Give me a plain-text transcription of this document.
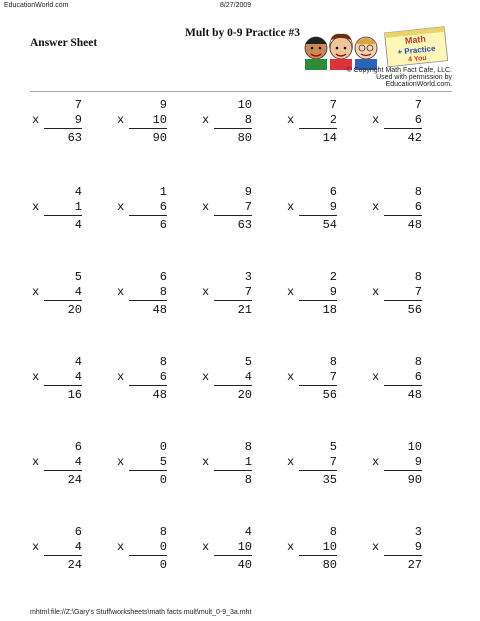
EducationWorld.com	8/27/2009
Mult by 0-9 Practice #3
Answer Sheet	Math
+ Practice
4 You
© Copyright Math Fact Cafe, LLC.
Used with permission by EducationWorld.com.
7
x	9
63
9
x 10
90
10
x	8
80
7
x	2
14
7
x	6
42
4
x	1
4
1
x	6
6
9
x	7
63
6
x	9
54
8
x	6
48
5
x	4
20
6
x	8
48
3
x	7
21
2
x	9
18
8
x	7
56
4
x	4
16
8
x	6
48
5
x	4
20
8
x	7
56
8
x	6
48
6
x	4
24
0
x	5
0
8
x	1
8
5
x	7
35
10
x	9
90
6
x	4
24
8
x	0
0
4
x 10
40
8
x 10
80
3
x	9
27
mhtml:file://Z:\Gary's Stuff\worksheets\math facts mult\mult_0-9_3a.mht
